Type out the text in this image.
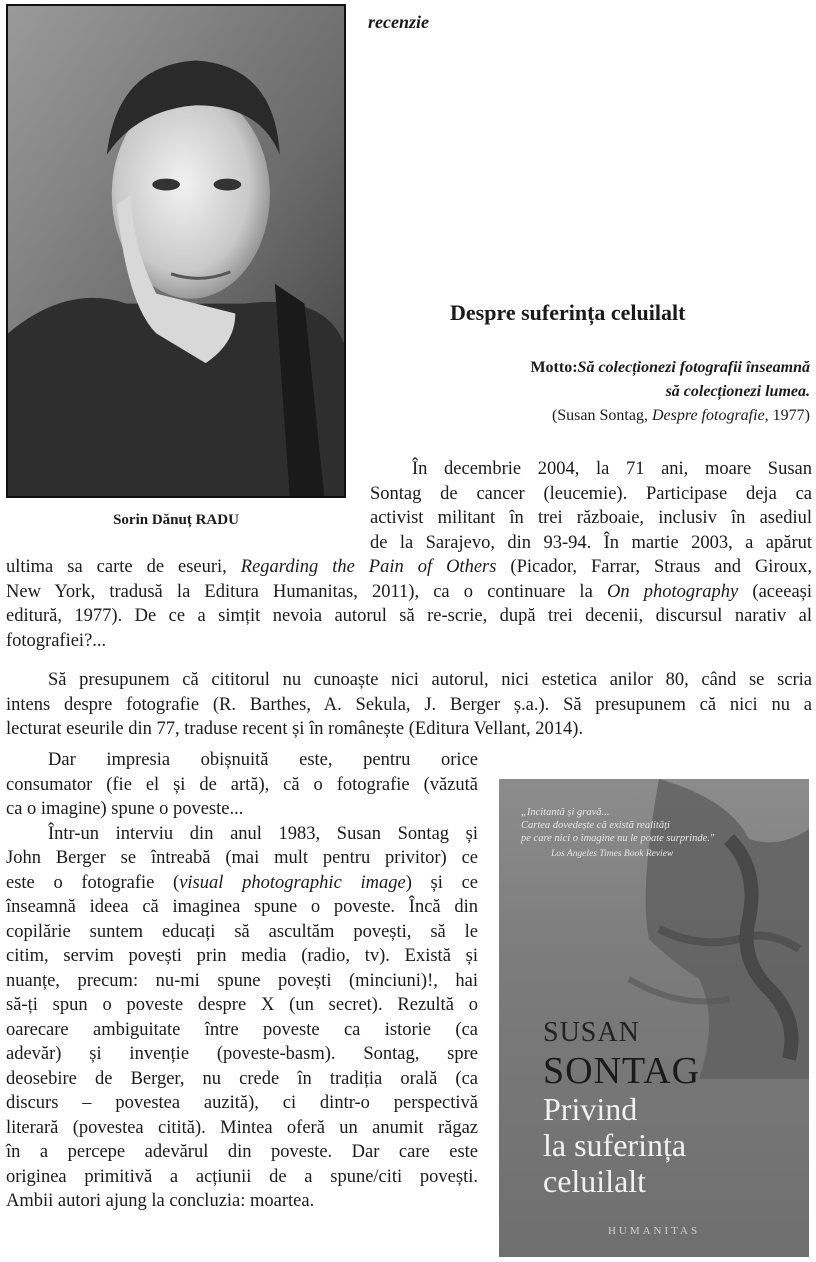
Sorin Dănuț RADU
recenzie
Despre suferința celuilalt
Motto:Să colecționezi fotografii înseamnă
să colecționezi lumea.
(Susan Sontag, Despre fotografie, 1977)
În decembrie 2004, la 71 ani, moare Susan
Sontag de cancer (leucemie). Participase deja ca
activist militant în trei războaie, inclusiv în asediul
de la Sarajevo, din 93-94. În martie 2003, a apărut
ultima sa carte de eseuri, Regarding the Pain of Others (Picador, Farrar, Straus and Giroux,
New York, tradusă la Editura Humanitas, 2011), ca o continuare la On photography (aceeași
editură, 1977). De ce a simțit nevoia autorul să re-scrie, după trei decenii, discursul narativ al
fotografiei?...
Să presupunem că cititorul nu cunoaște nici autorul, nici estetica anilor 80, când se scria
intens despre fotografie (R. Barthes, A. Sekula, J. Berger ș.a.). Să presupunem că nici nu a
lecturat eseurile din 77, traduse recent și în românește (Editura Vellant, 2014).
Dar impresia obișnuită este, pentru orice
consumator (fie el și de artă), că o fotografie (văzută
ca o imagine) spune o poveste...
Într-un interviu din anul 1983, Susan Sontag și
John Berger se întreabă (mai mult pentru privitor) ce
este o fotografie (visual photographic image) și ce
înseamnă ideea că imaginea spune o poveste. Încă din
copilărie suntem educați să ascultăm povești, să le
citim, servim povești prin media (radio, tv). Există și
nuanțe, precum: nu-mi spune povești (minciuni)!, hai
să-ți spun o poveste despre X (un secret). Rezultă o
oarecare ambiguitate între poveste ca istorie (ca
adevăr) și invenție (poveste-basm). Sontag, spre
deosebire de Berger, nu crede în tradiția orală (ca
discurs – povestea auzită), ci dintr-o perspectivă
literară (povestea citită). Mintea oferă un anumit răgaz
în a percepe adevărul din poveste. Dar care este
originea primitivă a acțiunii de a spune/citi povești.
Ambii autori ajung la concluzia: moartea.
„Incitantă și gravă...
Cartea dovedește că există realități
pe care nici o imagine nu le poate surprinde."
Los Angeles Times Book Review
SUSAN
SONTAG
Privind
la suferința
celuilalt
HUMANITAS
